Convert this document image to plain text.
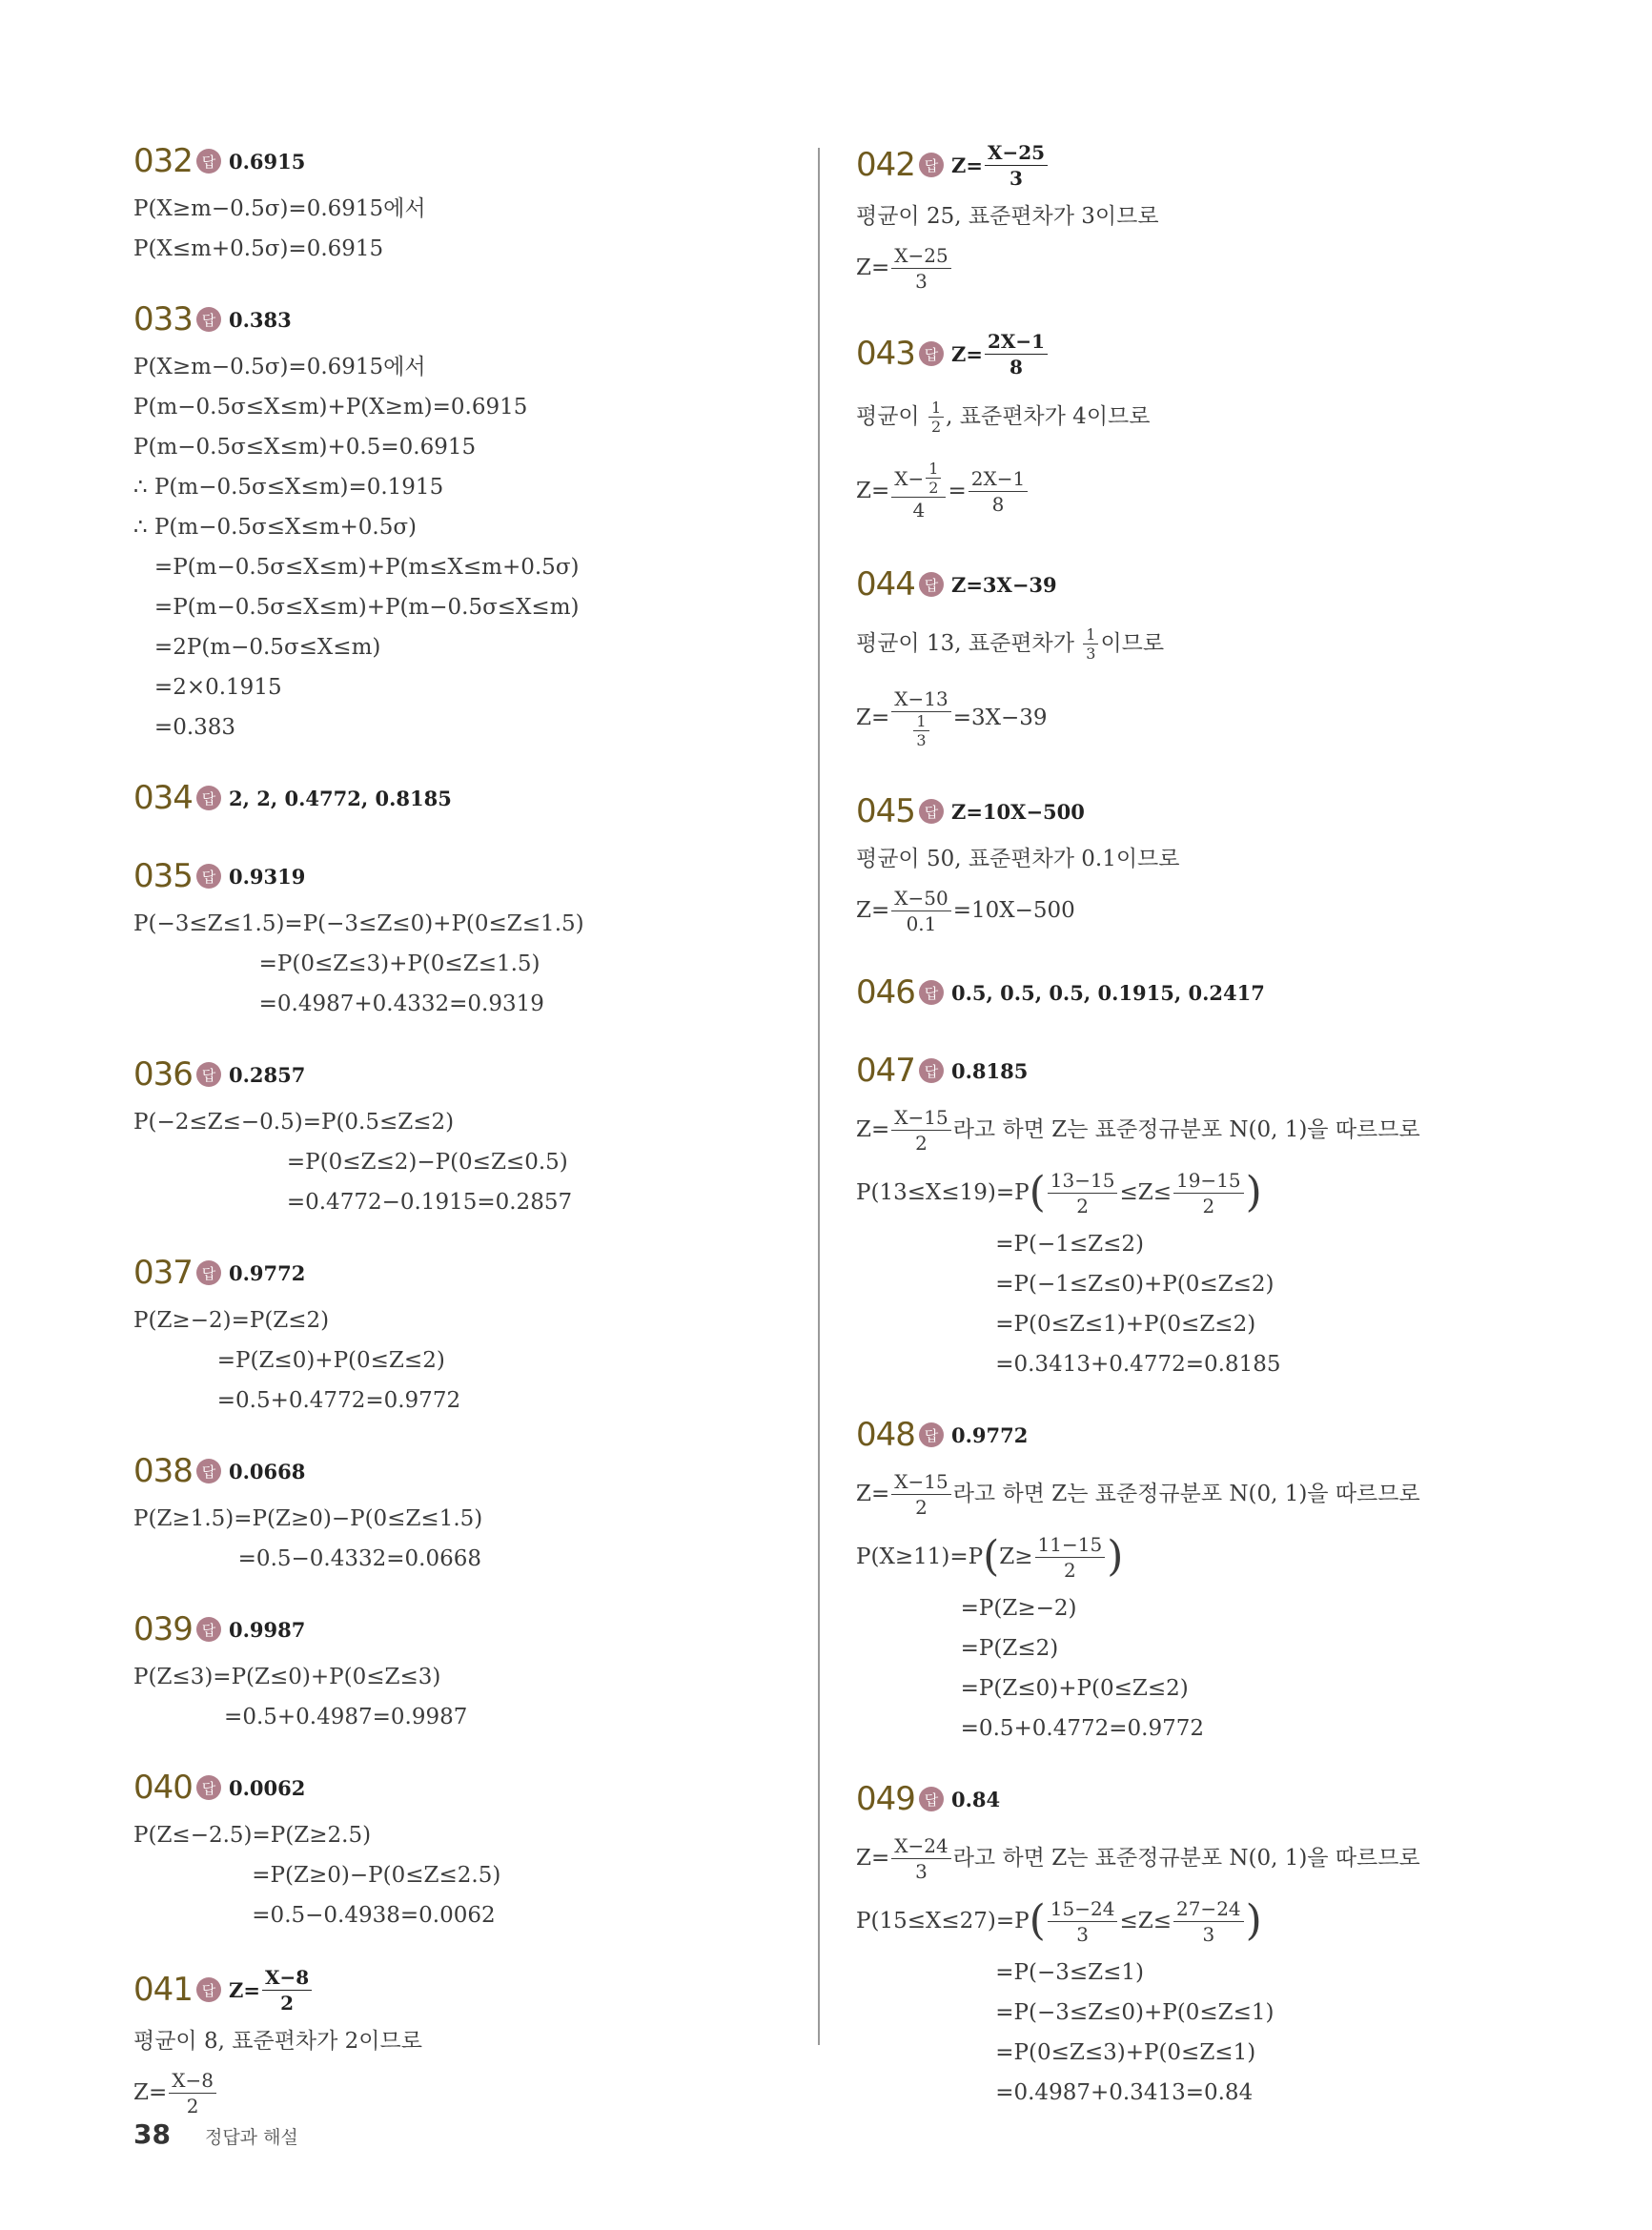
032 답 0.6915
P(X≥m−0.5σ)=0.6915에서
P(X≤m+0.5σ)=0.6915
033 답 0.383
P(X≥m−0.5σ)=0.6915에서
P(m−0.5σ≤X≤m)+P(X≥m)=0.6915
P(m−0.5σ≤X≤m)+0.5=0.6915
∴ P(m−0.5σ≤X≤m)=0.1915
∴ P(m−0.5σ≤X≤m+0.5σ)
=P(m−0.5σ≤X≤m)+P(m≤X≤m+0.5σ)
=P(m−0.5σ≤X≤m)+P(m−0.5σ≤X≤m)
=2P(m−0.5σ≤X≤m)
=2×0.1915
=0.383
034 답 2, 2, 0.4772, 0.8185
035 답 0.9319
P(−3≤Z≤1.5)=P(−3≤Z≤0)+P(0≤Z≤1.5)
=P(0≤Z≤3)+P(0≤Z≤1.5)
=0.4987+0.4332=0.9319
036 답 0.2857
P(−2≤Z≤−0.5)=P(0.5≤Z≤2)
=P(0≤Z≤2)−P(0≤Z≤0.5)
=0.4772−0.1915=0.2857
037 답 0.9772
P(Z≥−2)=P(Z≤2)
=P(Z≤0)+P(0≤Z≤2)
=0.5+0.4772=0.9772
038 답 0.0668
P(Z≥1.5)=P(Z≥0)−P(0≤Z≤1.5)
=0.5−0.4332=0.0668
039 답 0.9987
P(Z≤3)=P(Z≤0)+P(0≤Z≤3)
=0.5+0.4987=0.9987
040 답 0.0062
P(Z≤−2.5)=P(Z≥2.5)
=P(Z≥0)−P(0≤Z≤2.5)
=0.5−0.4938=0.0062
041 답 $Z= \frac{X-8}{2}$
평균이 8, 표준편차가 2이므로
$Z= \frac{X-8}{2}$
042 답 $Z= \frac{X-25}{3}$
평균이 25, 표준편차가 3이므로
$Z= \frac{X-25}{3}$
043 답 $Z= \frac{2X-1}{8}$
평균이 $\frac{1}{2}$ , 표준편차가 4이므로
$Z= \frac{X- \frac{1}{2}}{4} = \frac{2X-1}{8}$
044 답 Z=3X−39
평균이 13, 표준편차가 $\frac{1}{3}$ 이므로
$Z= \frac{X-13}{\frac{1}{3}} =3X-39$
045 답 Z=10X−500
평균이 50, 표준편차가 0.1이므로
$Z= \frac{X-50}{0.1} =10X-500$
046 답 0.5, 0.5, 0.5, 0.1915, 0.2417
047 답 0.8185
$Z= \frac{X-15}{2}$ 라고 하면 Z는 표준정규분포 N(0, 1)을 따르므로
P(13≤X≤19)=P ( $\frac{13-15}{2} \le Z\le \frac{19-15}{2}$ )
=P(−1≤Z≤2)
=P(−1≤Z≤0)+P(0≤Z≤2)
=P(0≤Z≤1)+P(0≤Z≤2)
=0.3413+0.4772=0.8185
048 답 0.9772
$Z= \frac{X-15}{2}$ 라고 하면 Z는 표준정규분포 N(0, 1)을 따르므로
P(X≥11)=P ( $Z\ge \frac{11-15}{2}$ )
=P(Z≥−2)
=P(Z≤2)
=P(Z≤0)+P(0≤Z≤2)
=0.5+0.4772=0.9772
049 답 0.84
$Z= \frac{X-24}{3}$ 라고 하면 Z는 표준정규분포 N(0, 1)을 따르므로
P(15≤X≤27)=P ( $\frac{15-24}{3} \le Z\le \frac{27-24}{3}$ )
=P(−3≤Z≤1)
=P(−3≤Z≤0)+P(0≤Z≤1)
=P(0≤Z≤3)+P(0≤Z≤1)
=0.4987+0.3413=0.84
38 정답과 해설
